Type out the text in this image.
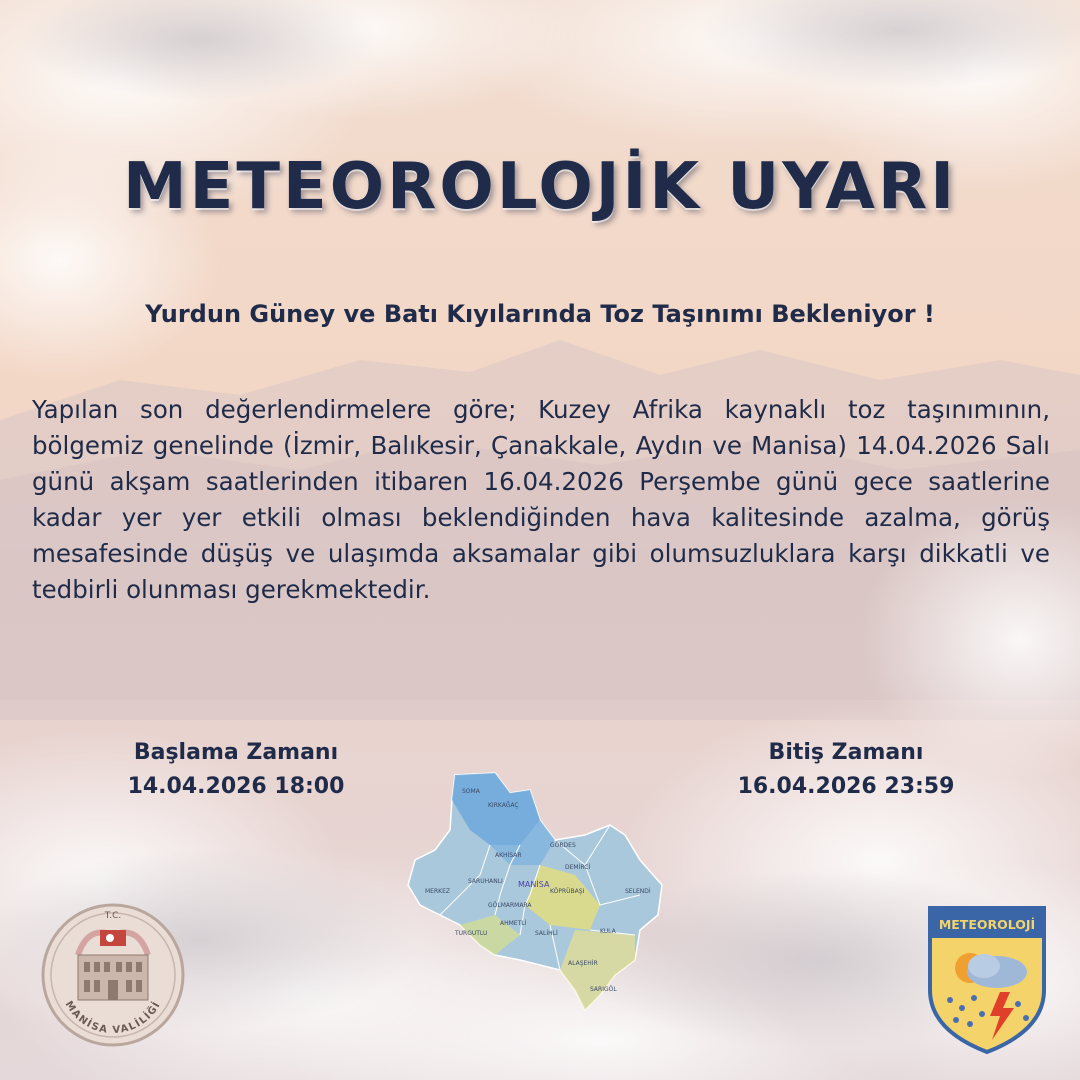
METEOROLOJİK UYARI
Yurdun Güney ve Batı Kıyılarında Toz Taşınımı Bekleniyor !
Yapılan son değerlendirmelere göre; Kuzey Afrika kaynaklı toz taşınımının, bölgemiz genelinde (İzmir, Balıkesir, Çanakkale, Aydın ve Manisa) 14.04.2026 Salı günü akşam saatlerinden itibaren 16.04.2026 Perşembe günü gece saatlerine kadar yer yer etkili olması beklendiğinden hava kalitesinde azalma, görüş mesafesinde düşüş ve ulaşımda aksamalar gibi olumsuzluklara karşı dikkatli ve tedbirli olunması gerekmektedir.
Başlama Zamanı
14.04.2026 18:00
Bitiş Zamanı
16.04.2026 23:59
SOMA
KIRKAĞAÇ
AKHİSAR
GÖRDES
MERKEZ
SARUHANLI MANİSA
DEMİRCİ
SELENDİ
GÖLMARMARA
KÖPRÜBAŞI
TURGUTLU
AHMETLİ
SALİHLİ	KULA
ALAŞEHİR
SARIGÖL
T.C.
MANİSA VALİLİĞİ
METEOROLOJİ
